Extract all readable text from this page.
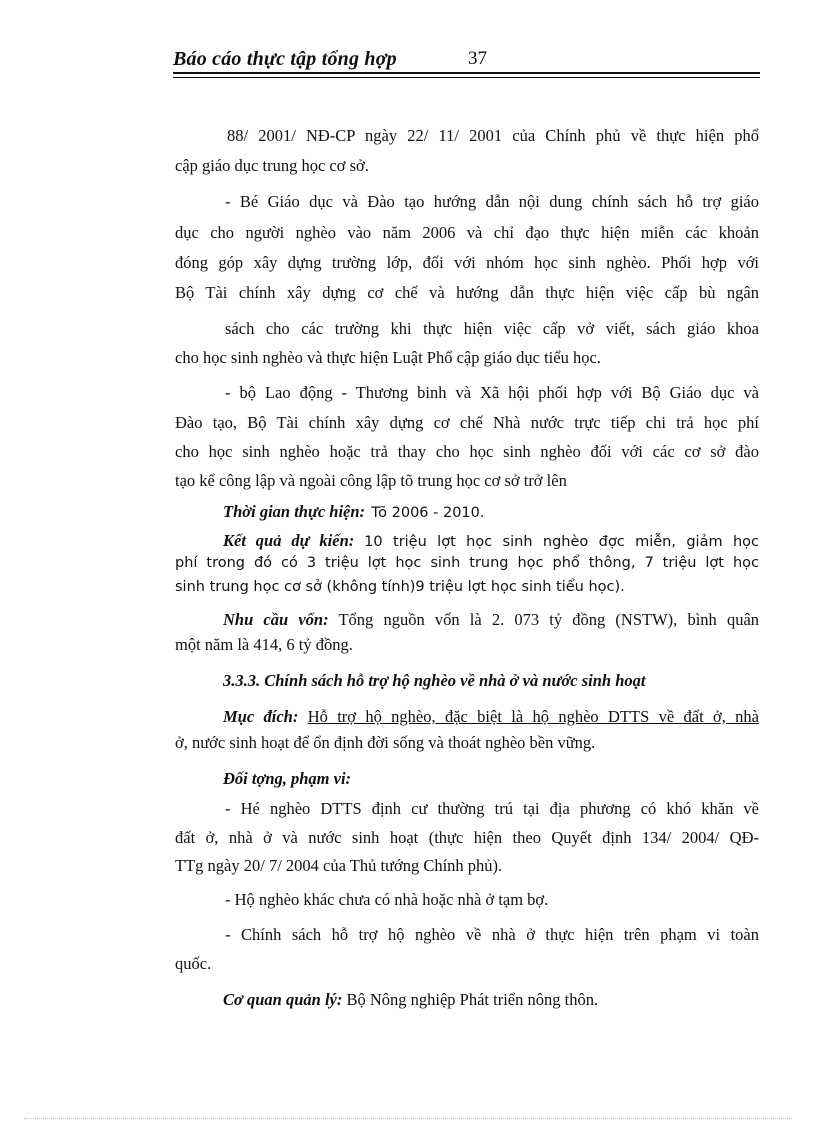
Báo cáo thực tập tổng hợp	37
88/ 2001/ NĐ-CP ngày 22/ 11/ 2001 của Chính phủ về thực hiện phổ
cập giáo dục trung học cơ sở.
- Bé Giáo dục và Đào tạo hướng dẫn nội dung chính sách hỗ trợ giáo
dục cho người nghèo vào năm 2006 và chỉ đạo thực hiện miễn các khoản
đóng góp xây dựng trường lớp, đối với nhóm học sinh nghèo. Phối hợp với
Bộ Tài chính xây dựng cơ chế và hướng dẫn thực hiện việc cấp bù ngân
sách cho các trường khi thực hiện việc cấp vở viết, sách giáo khoa
cho học sinh nghèo và thực hiện Luật Phổ cập giáo dục tiểu học.
- bộ Lao động - Thương binh và Xã hội phối hợp với Bộ Giáo dục và
Đào tạo, Bộ Tài chính xây dựng cơ chế Nhà nước trực tiếp chi trả học phí
cho học sinh nghèo hoặc trả thay cho học sinh nghèo đối với các cơ sở đào
tạo kể công lập và ngoài công lập tõ trung học cơ sở trở lên
Thời gian thực hiện: Tõ 2006 - 2010.
Kết quả dự kiến: 10 triệu lợt học sinh nghèo đợc miễn, giảm học
phí trong đó có 3 triệu lợt học sinh trung học phổ thông, 7 triệu lợt học
sinh trung học cơ sở (không tính)9 triệu lợt học sinh tiểu học).
Nhu cầu vốn: Tổng nguồn vốn là 2. 073 tỷ đồng (NSTW), bình quân
một năm là 414, 6 tỷ đồng.
3.3.3. Chính sách hỗ trợ hộ nghèo về nhà ở và nước sinh hoạt
Mục đích: Hỗ trợ hộ nghèo, đặc biệt là hộ nghèo DTTS về đất ở, nhà
ở, nước sinh hoạt để ổn định đời sống và thoát nghèo bền vững.
Đối tợng, phạm vi:
- Hé nghèo DTTS định cư thường trú tại địa phương có khó khăn về
đất ở, nhà ở và nước sinh hoạt (thực hiện theo Quyết định 134/ 2004/ QĐ-
TTg ngày 20/ 7/ 2004 của Thủ tướng Chính phủ).
- Hộ nghèo khác chưa có nhà hoặc nhà ở tạm bợ.
- Chính sách hỗ trợ hộ nghèo về nhà ở thực hiện trên phạm vi toàn
quốc.
Cơ quan quản lý: Bộ Nông nghiệp Phát triển nông thôn.
